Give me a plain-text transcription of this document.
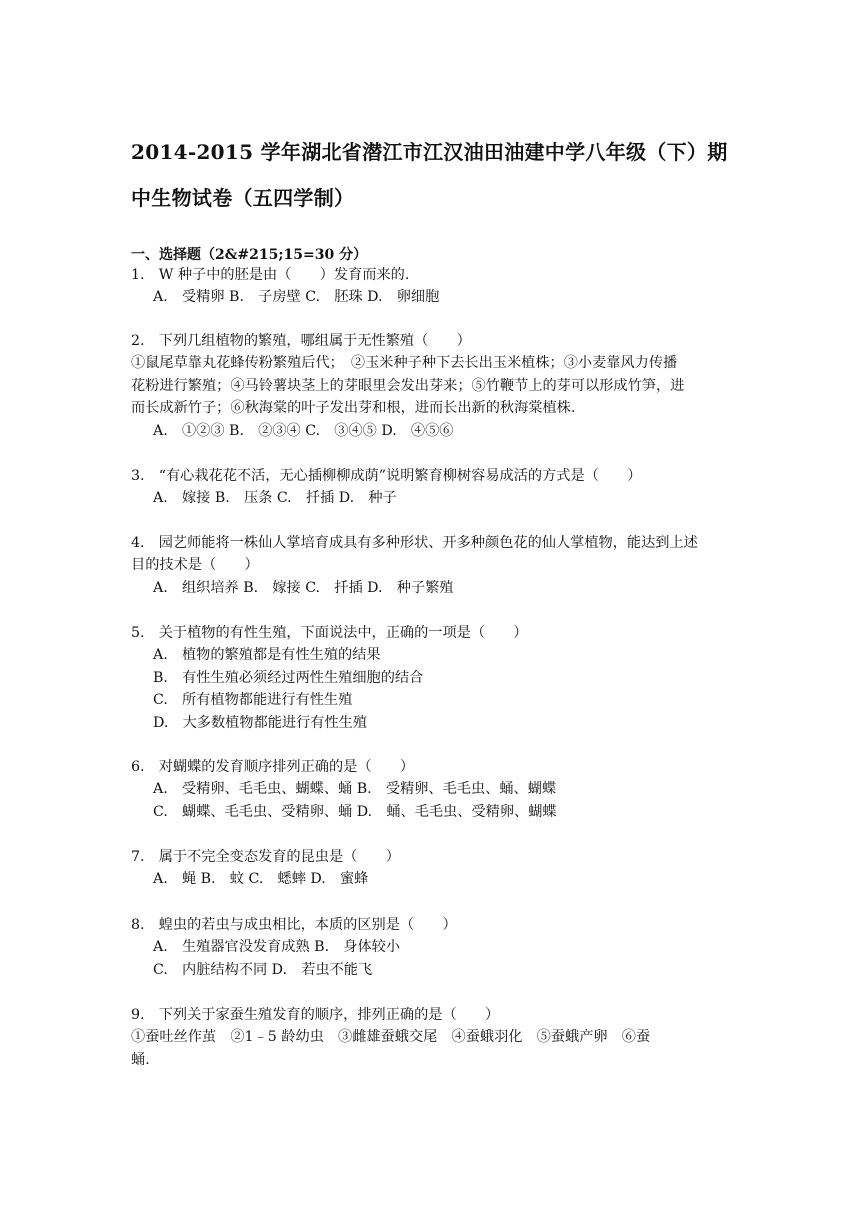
2014-2015 学年湖北省潜江市江汉油田油建中学八年级（下）期
中生物试卷（五四学制）
一、选择题（2&#215;15=30 分）
1.　W 种子中的胚是由（　　）发育而来的.
A.　受精卵 B.　子房壁 C.　胚珠 D.　卵细胞
2.　下列几组植物的繁殖，哪组属于无性繁殖（　　）
①鼠尾草靠丸花蜂传粉繁殖后代；　②玉米种子种下去长出玉米植株；③小麦靠风力传播
花粉进行繁殖；④马铃薯块茎上的芽眼里会发出芽来；⑤竹鞭节上的芽可以形成竹笋，进
而长成新竹子；⑥秋海棠的叶子发出芽和根，进而长出新的秋海棠植株.
A.　①②③ B.　②③④ C.　③④⑤ D.　④⑤⑥
3.　“有心栽花花不活，无心插柳柳成荫”说明繁育柳树容易成活的方式是（　　）
A.　嫁接 B.　压条 C.　扦插 D.　种子
4.　园艺师能将一株仙人掌培育成具有多种形状、开多种颜色花的仙人掌植物，能达到上述
目的技术是（　　）
A.　组织培养 B.　嫁接 C.　扦插 D.　种子繁殖
5.　关于植物的有性生殖，下面说法中，正确的一项是（　　）
A.　植物的繁殖都是有性生殖的结果
B.　有性生殖必须经过两性生殖细胞的结合
C.　所有植物都能进行有性生殖
D.　大多数植物都能进行有性生殖
6.　对蝴蝶的发育顺序排列正确的是（　　）
A.　受精卵、毛毛虫、蝴蝶、蛹 B.　受精卵、毛毛虫、蛹、蝴蝶
C.　蝴蝶、毛毛虫、受精卵、蛹 D.　蛹、毛毛虫、受精卵、蝴蝶
7.　属于不完全变态发育的昆虫是（　　）
A.　蝇 B.　蚊 C.　蟋蟀 D.　蜜蜂
8.　蝗虫的若虫与成虫相比，本质的区别是（　　）
A.　生殖器官没发育成熟 B.　身体较小
C.　内脏结构不同 D.　若虫不能飞
9.　下列关于家蚕生殖发育的顺序，排列正确的是（　　）
①蚕吐丝作茧　②1﹣5 龄幼虫　③雌雄蚕蛾交尾　④蚕蛾羽化　⑤蚕蛾产卵　⑥蚕
蛹.
